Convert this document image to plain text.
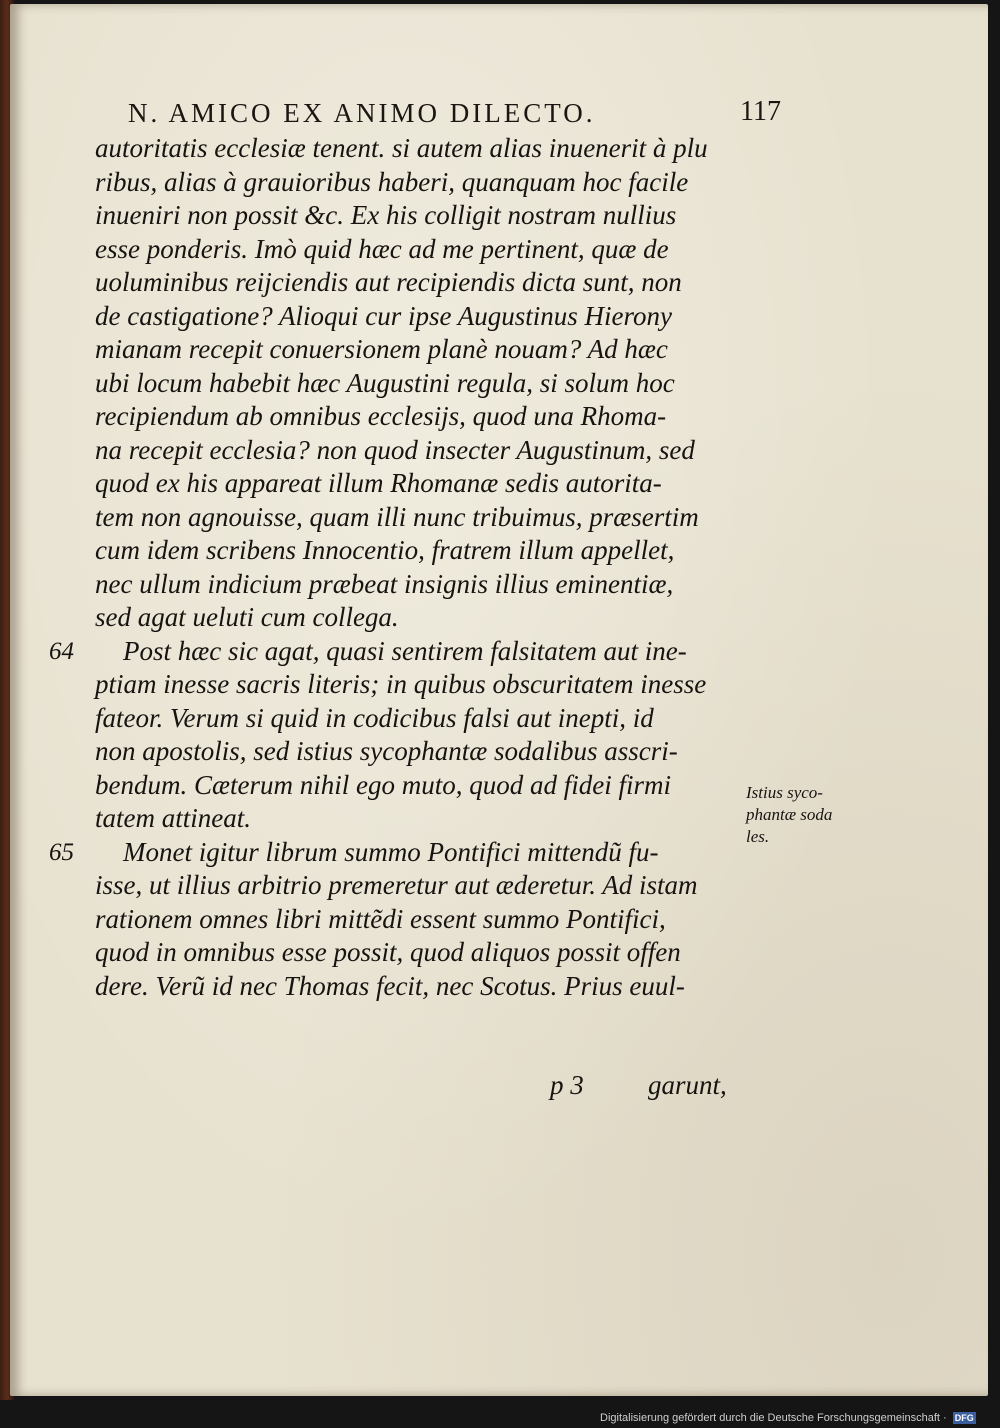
N. AMICO EX ANIMO DILECTO.	117
autoritatis ecclesiæ tenent. si autem alias inuenerit à plu
ribus, alias à grauioribus haberi, quanquam hoc facile
inueniri non possit &c. Ex his colligit nostram nullius
esse ponderis. Imò quid hæc ad me pertinent, quæ de
uoluminibus reijciendis aut recipiendis dicta sunt, non
de castigatione? Alioqui cur ipse Augustinus Hierony
mianam recepit conuersionem planè nouam? Ad hæc
ubi locum habebit hæc Augustini regula, si solum hoc
recipiendum ab omnibus ecclesijs, quod una Rhoma-
na recepit ecclesia? non quod insecter Augustinum, sed
quod ex his appareat illum Rhomanæ sedis autorita-
tem non agnouisse, quam illi nunc tribuimus, præsertim
cum idem scribens Innocentio, fratrem illum appellet,
nec ullum indicium præbeat insignis illius eminentiæ,
sed agat ueluti cum collega.
64 Post hæc sic agat, quasi sentirem falsitatem aut ine-
ptiam inesse sacris literis; in quibus obscuritatem inesse
fateor. Verum si quid in codicibus falsi aut inepti, id
non apostolis, sed istius sycophantæ sodalibus asscri-
bendum. Cæterum nihil ego muto, quod ad fidei firmi
tatem attineat.
65 Monet igitur librum summo Pontifici mittendũ fu-
isse, ut illius arbitrio premeretur aut æderetur. Ad istam
rationem omnes libri mittẽdi essent summo Pontifici,
quod in omnibus esse possit, quod aliquos possit offen
dere. Verũ id nec Thomas fecit, nec Scotus. Prius euul-
Istius syco-
phantæ soda
les.
p 3 garunt,
Digitalisierung gefördert durch die Deutsche Forschungsgemeinschaft · DFG
